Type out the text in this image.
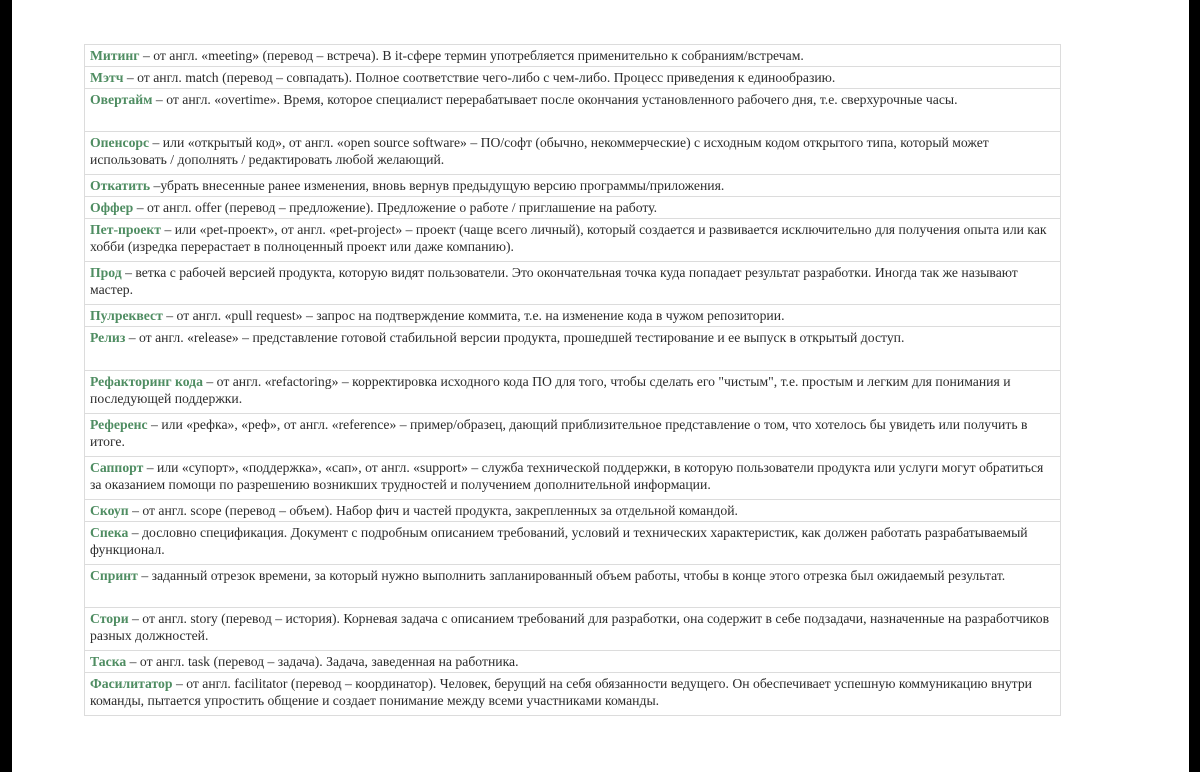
Митинг – от англ. «meeting» (перевод – встреча). В it-сфере термин употребляется применительно к собраниям/встречам.
Мэтч – от англ. match (перевод – совпадать). Полное соответствие чего-либо с чем-либо. Процесс приведения к единообразию.
Овертайм – от англ. «overtime». Время, которое специалист перерабатывает после окончания установленного рабочего дня, т.е. сверхурочные часы.
Опенсорс – или «открытый код», от англ. «open source software» – ПО/софт (обычно, некоммерческие) с исходным кодом открытого типа, который может использовать / дополнять / редактировать любой желающий.
Откатить –убрать внесенные ранее изменения, вновь вернув предыдущую версию программы/приложения.
Оффер – от англ. offer (перевод – предложение). Предложение о работе / приглашение на работу.
Пет-проект – или «pet-проект», от англ. «pet-project» – проект (чаще всего личный), который создается и развивается исключительно для получения опыта или как хобби (изредка перерастает в полноценный проект или даже компанию).
Прод – ветка с рабочей версией продукта, которую видят пользователи. Это окончательная точка куда попадает результат разработки. Иногда так же называют мастер.
Пулреквест – от англ. «pull request» – запрос на подтверждение коммита, т.е. на изменение кода в чужом репозитории.
Релиз – от англ. «release» – представление готовой стабильной версии продукта, прошедшей тестирование и ее выпуск в открытый доступ.
Рефакторинг кода – от англ. «refactoring» – корректировка исходного кода ПО для того, чтобы сделать его "чистым", т.е. простым и легким для понимания и последующей поддержки.
Референс – или «рефка», «реф», от англ. «reference» – пример/образец, дающий приблизительное представление о том, что хотелось бы увидеть или получить в итоге.
Саппорт – или «супорт», «поддержка», «сап», от англ. «support» – служба технической поддержки, в которую пользователи продукта или услуги могут обратиться за оказанием помощи по разрешению возникших трудностей и получением дополнительной информации.
Скоуп – от англ. scope (перевод – объем). Набор фич и частей продукта, закрепленных за отдельной командой.
Спека – дословно спецификация. Документ с подробным описанием требований, условий и технических характеристик, как должен работать разрабатываемый функционал.
Спринт – заданный отрезок времени, за который нужно выполнить запланированный объем работы, чтобы в конце этого отрезка был ожидаемый результат.
Стори – от англ. story (перевод – история). Корневая задача с описанием требований для разработки, она содержит в себе подзадачи, назначенные на разработчиков разных должностей.
Таска – от англ. task (перевод – задача). Задача, заведенная на работника.
Фасилитатор – от англ. facilitator (перевод – координатор). Человек, берущий на себя обязанности ведущего. Он обеспечивает успешную коммуникацию внутри команды, пытается упростить общение и создает понимание между всеми участниками команды.
